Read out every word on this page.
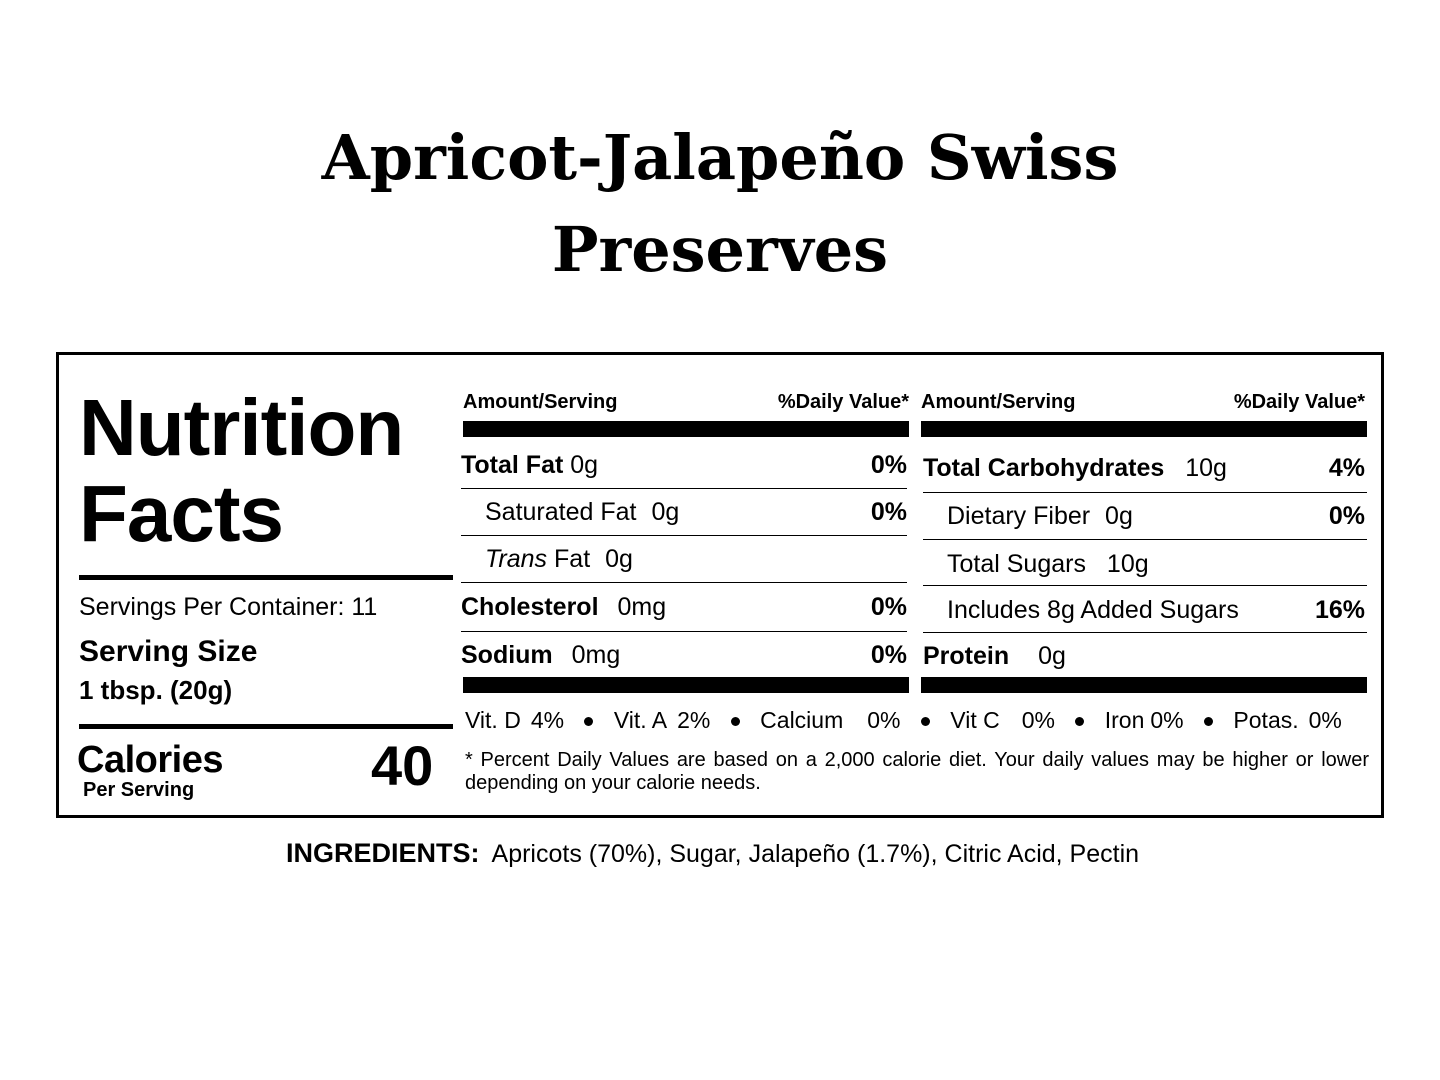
Apricot-Jalapeño Swiss
Preserves
Nutrition
Facts
Servings Per Container: 11
Serving Size
1 tbsp. (20g)
Calories
Per Serving	40
Amount/Serving	%Daily Value*
Total Fat 0g	0%
Saturated Fat 0g	0%
Trans Fat 0g
Cholesterol 0mg	0%
Sodium 0mg	0%
Amount/Serving	%Daily Value*
Total Carbohydrates 10g	4%
Dietary Fiber 0g	0%
Total Sugars 10g
Includes 8g Added Sugars	16%
Protein 0g
Vit. D 4% Vit. A 2% Calcium 0% Vit C 0% Iron 0% Potas. 0%
* Percent Daily Values are based on a 2,000 calorie diet. Your daily values may be higher or lower depending on your calorie needs.
INGREDIENTS: Apricots (70%), Sugar, Jalapeño (1.7%), Citric Acid, Pectin
